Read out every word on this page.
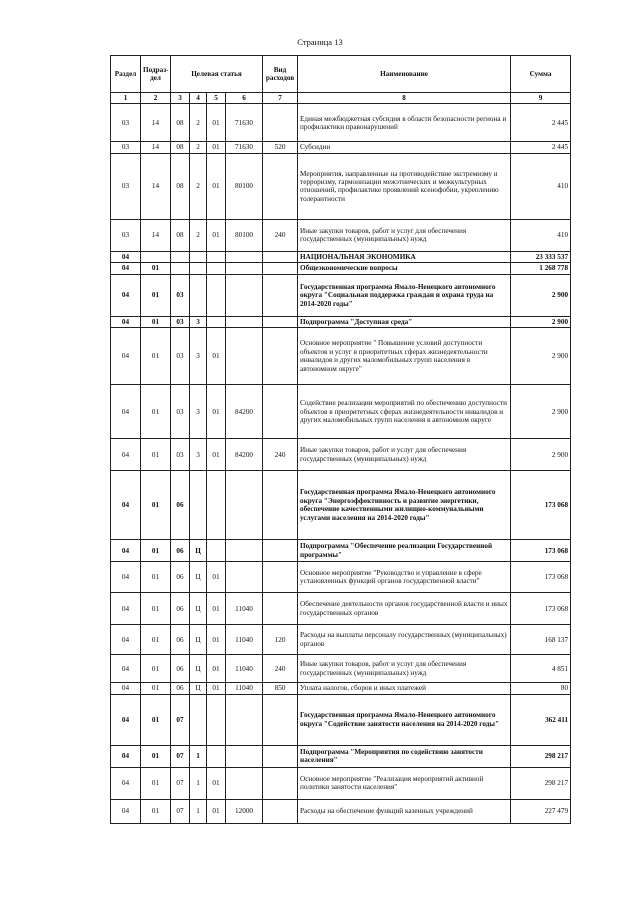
Страница 13
Раздел	Подраз-дел	Целевая статья				Вид расходов	Наименование	Сумма

1	2	3	4	5	6	7	8	9
03	14	08	2	01	71630		Единая межбюджетная субсидия в области безопасности региона и профилактики правонарушений	2 445
03	14	08	2	01	71630	520	Субсидии	2 445
03	14	08	2	01	80100		Мероприятия, направленные на противодействие экстремизму и терроризму, гармонизации межэтнических и межкультурных отношений, профилактике проявлений ксенофобии, укреплению толерантности	410
03	14	08	2	01	80100	240	Иные закупки товаров, работ и услуг для обеспечения государственных (муниципальных) нужд	410
04							НАЦИОНАЛЬНАЯ ЭКОНОМИКА	23 333 537
04	01						Общеэкономические вопросы	1 268 778
04	01	03					Государственная программа Ямало-Ненецкого автономного округа "Социальная поддержка граждан и охрана труда на 2014-2020 годы"	2 900
04	01	03	3				Подпрограмма "Доступная среда"	2 900
04	01	03	3	01			Основное мероприятие " Повышение условий доступности объектов и услуг в приоритетных сферах жизнедеятельности инвалидов и других маломобильных групп населения в автономном округе"	2 900
04	01	03	3	01	84200		Содействие реализации мероприятий по обеспечению доступности объектов в приоритетных сферах жизнедеятельности инвалидов и других маломобильных групп населения в автономном округе	2 900
04	01	03	3	01	84200	240	Иные закупки товаров, работ и услуг для обеспечения государственных (муниципальных) нужд	2 900
04	01	06					Государственная программа Ямало-Ненецкого автономного округа "Энергоэффективность и развитие энергетики, обеспечение качественными жилищно-коммунальными услугами населения на 2014-2020 годы"	173 068
04	01	06	Ц				Подпрограмма "Обеспечение реализации Государственной программы"	173 068
04	01	06	Ц	01			Основное мероприятие "Руководство и управление в сфере установленных функций органов государственной власти"	173 068
04	01	06	Ц	01	11040		Обеспечение деятельности органов государственной власти и иных государственных органов	173 068
04	01	06	Ц	01	11040	120	Расходы на выплаты персоналу государственных (муниципальных) органов	168 137
04	01	06	Ц	01	11040	240	Иные закупки товаров, работ и услуг для обеспечения государственных (муниципальных) нужд	4 851
04	01	06	Ц	01	11040	850	Уплата налогов, сборов и иных платежей	80
04	01	07					Государственная программа Ямало-Ненецкого автономного округа "Содействие занятости населения на 2014-2020 годы"	362 411
04	01	07	1				Подпрограмма "Мероприятия по содействию занятости населения"	298 217
04	01	07	1	01			Основное мероприятие "Реализация мероприятий активной политики занятости населения"	298 217
04	01	07	1	01	12000		Расходы на обеспечение функций казенных учреждений	227 479
